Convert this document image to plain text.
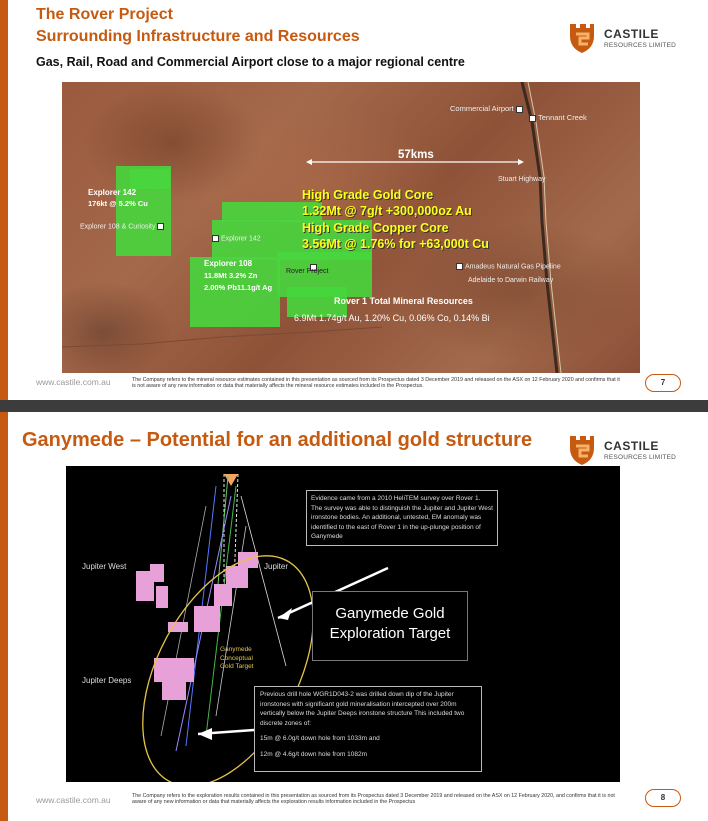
The Rover Project
Surrounding Infrastructure and Resources	CASTILE
RESOURCES LIMITED
Gas, Rail, Road and Commercial Airport close to a major regional centre
Commercial Airport
Tennant Creek
57kms
Stuart Highway
Explorer 142
176kt @ 5.2% Cu
Explorer 108 & Curiosity
Explorer 142
Explorer 108
11.8Mt 3.2% Zn
2.00% Pb11.1g/t Ag
Rover Project
High Grade Gold Core
1.32Mt @ 7g/t +300,000oz Au
High Grade Copper Core
3.56Mt @ 1.76% for +63,000t Cu
Amadeus Natural Gas Pipeline
Adelaide to Darwin Railway
Rover 1 Total Mineral Resources
6.9Mt 1.74g/t Au, 1.20% Cu, 0.06% Co, 0.14% Bi
www.castile.com.au	The Company refers to the mineral resource estimates contained in this presentation as sourced from its Prospectus dated 3 December 2019 and released on the ASX on 12 February 2020 and confirms that it is not aware of any new information or data that materially affects the mineral resource estimates included in the Prospectus.	7
Ganymede – Potential for an additional gold structure	CASTILE
RESOURCES LIMITED
Evidence came from a 2010 HeliTEM survey over Rover 1. The survey was able to distinguish the Jupiter and Jupiter West ironstone bodies. An additional, untested, EM anomaly was identified to the east of Rover 1 in the up-plunge position of Ganymede
Jupiter West	Jupiter
Jupiter Deeps
Ganymede Gold Exploration Target
Ganymede Conceptual Gold Target
Previous drill hole WGR1D043-2 was drilled down dip of the Jupiter ironstones with significant gold mineralisation intercepted over 200m vertically below the Jupiter Deeps ironstone structure This included two discrete zones of:
15m @ 6.0g/t down hole from 1033m and
12m @ 4.6g/t down hole from 1082m
www.castile.com.au	The Company refers to the exploration results contained in this presentation as sourced from its Prospectus dated 3 December 2019 and released on the ASX on 12 February 2020, and confirms that it is not aware of any new information or data that materially affects the exploration results information included in the Prospectus
8
